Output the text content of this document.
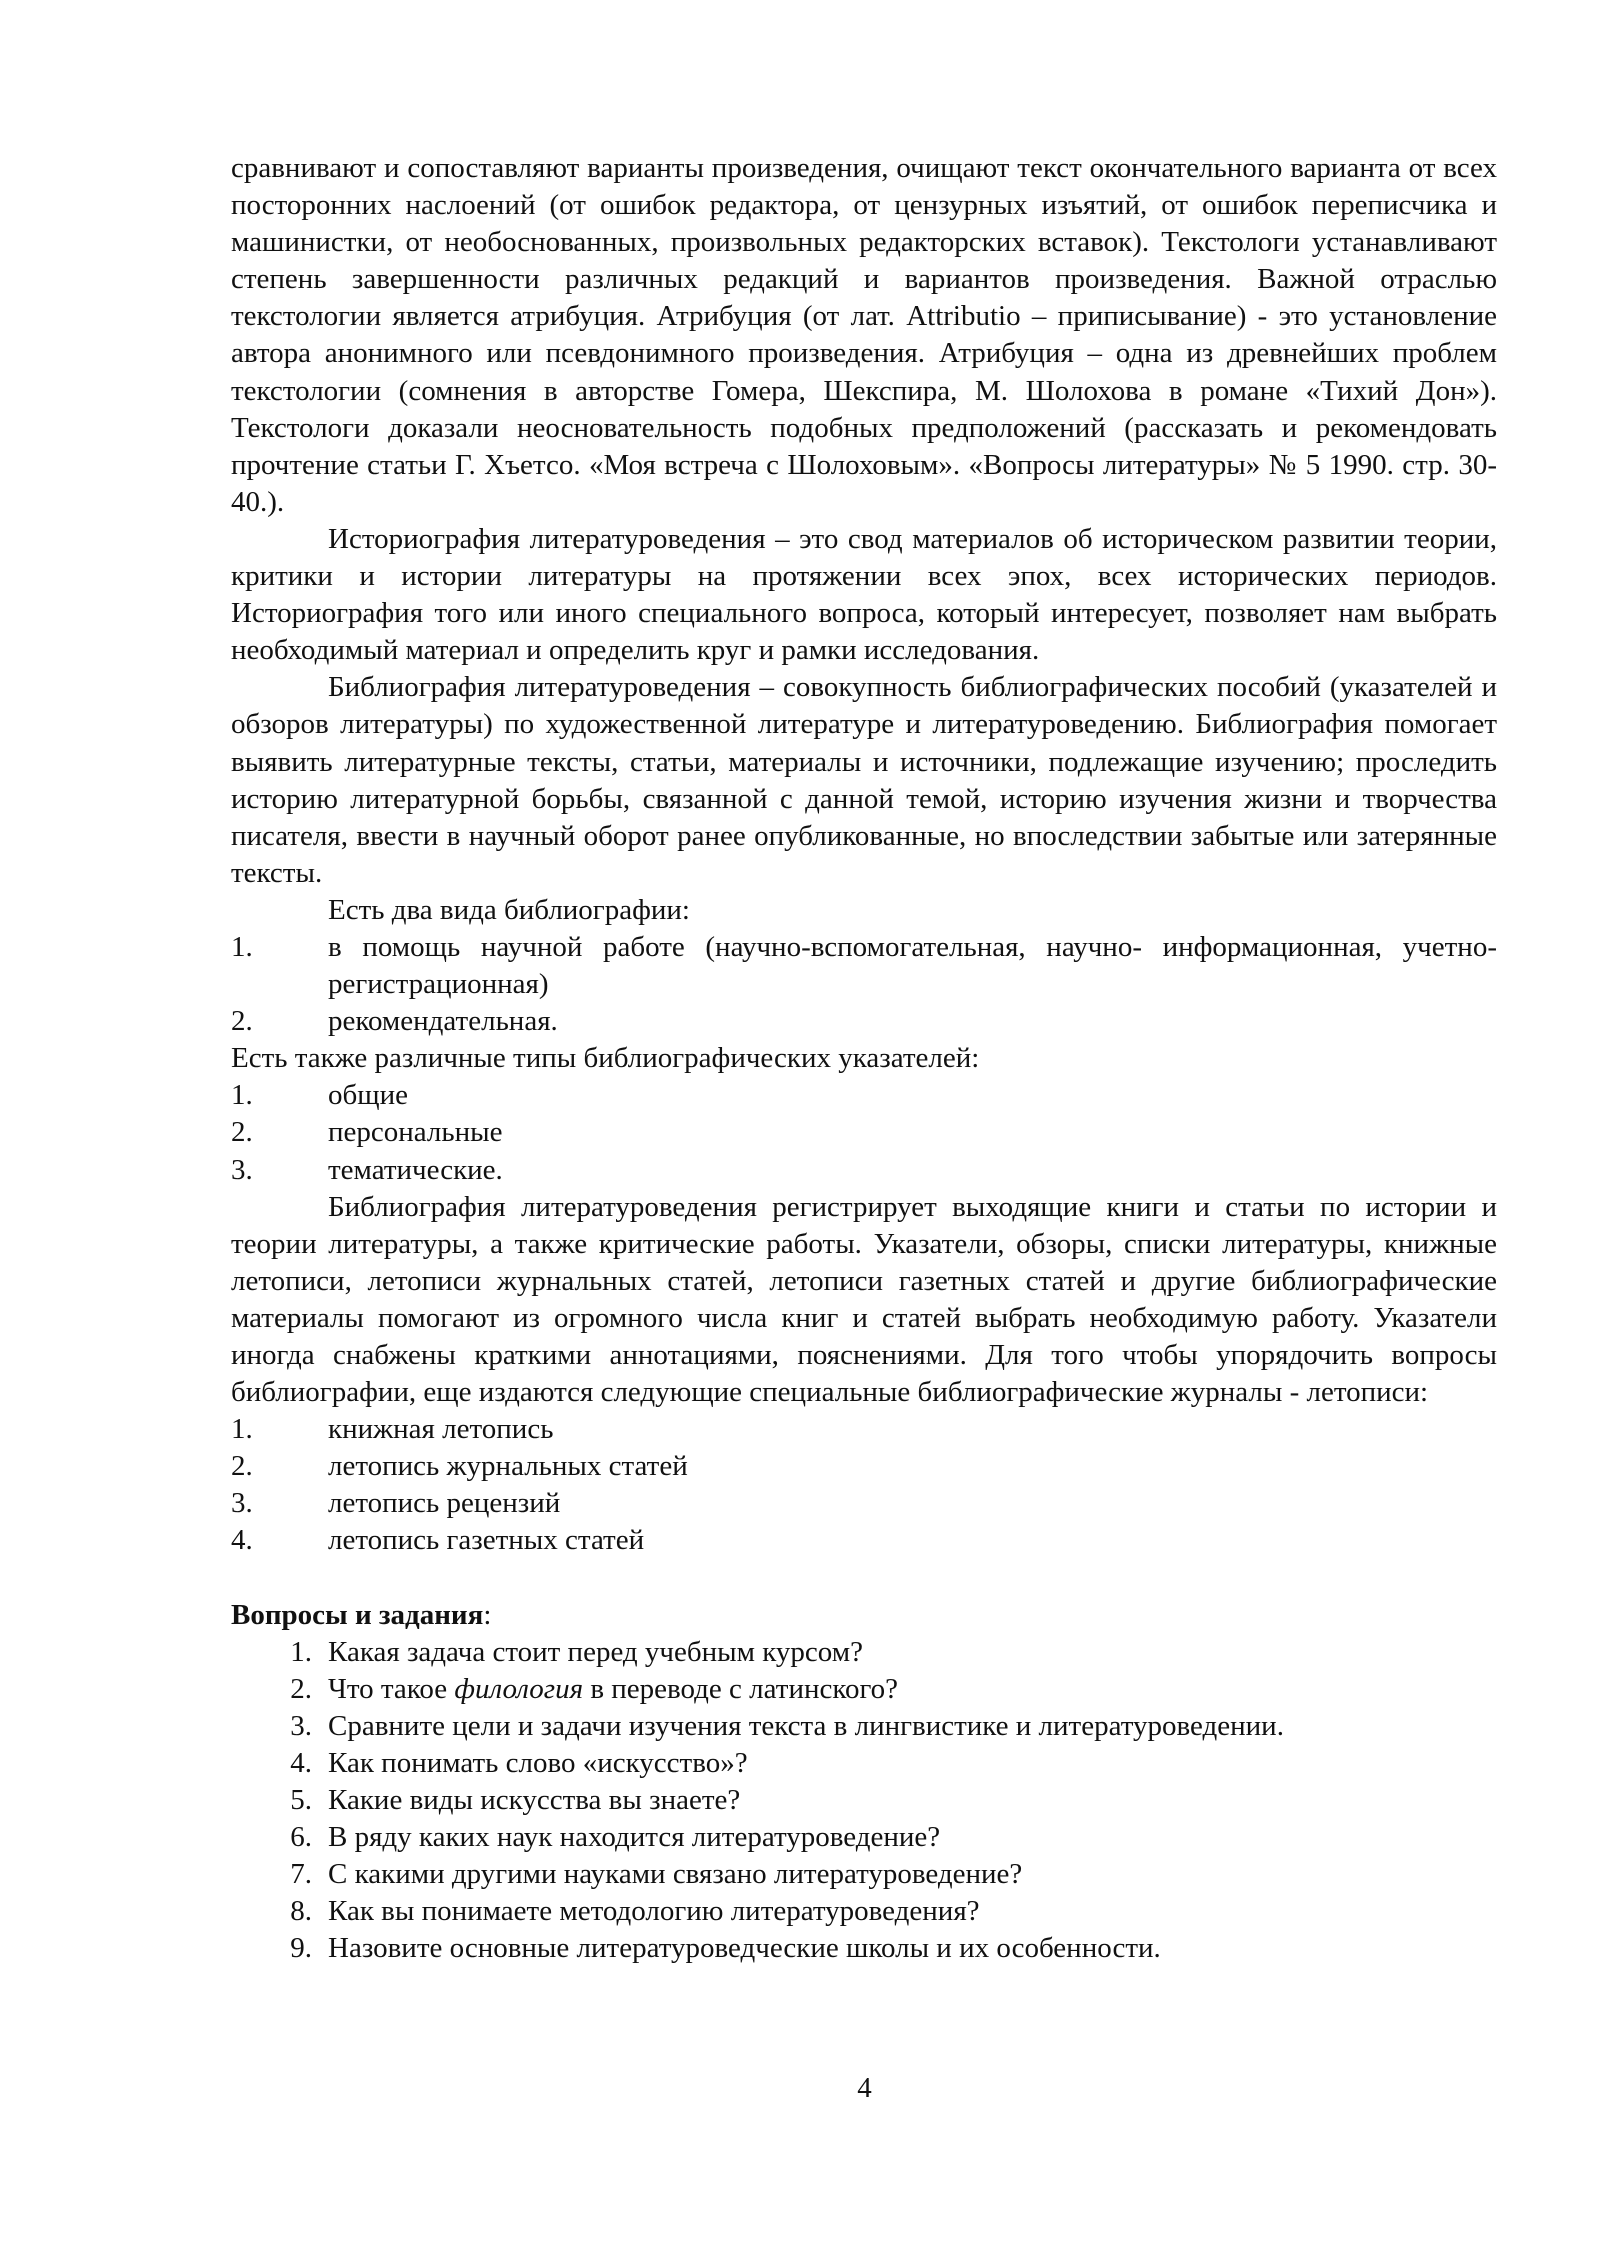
сравнивают и сопоставляют варианты произведения, очищают текст окончательного варианта от всех посторонних наслоений (от ошибок редактора, от цензурных изъятий, от ошибок переписчика и машинистки, от необоснованных, произвольных редакторских вставок). Текстологи устанавливают степень завершенности различных редакций и вариантов произведения. Важной отраслью текстологии является атрибуция. Атрибуция (от лат. Attributio – приписывание) - это установление автора анонимного или псевдонимного произведения. Атрибуция – одна из древнейших проблем текстологии (сомнения в авторстве Гомера, Шекспира, М. Шолохова в романе «Тихий Дон»). Текстологи доказали неосновательность подобных предположений (рассказать и рекомендовать прочтение статьи Г. Хъетсо. «Моя встреча с Шолоховым». «Вопросы литературы» № 5 1990. стр. 30-40.).

Историография литературоведения – это свод материалов об историческом развитии теории, критики и истории литературы на протяжении всех эпох, всех исторических периодов. Историография того или иного специального вопроса, который интересует, позволяет нам выбрать необходимый материал и определить круг и рамки исследования.

Библиография литературоведения – совокупность библиографических пособий (указателей и обзоров литературы) по художественной литературе и литературоведению. Библиография помогает выявить литературные тексты, статьи, материалы и источники, подлежащие изучению; проследить историю литературной борьбы, связанной с данной темой, историю изучения жизни и творчества писателя, ввести в научный оборот ранее опубликованные, но впоследствии забытые или затерянные тексты.

Есть два вида библиографии:

1.	в помощь научной работе (научно-вспомогательная, научно- информационная, учетно-регистрационная)
2.	рекомендательная.

Есть также различные типы библиографических указателей:

1.	общие
2.	персональные
3.	тематические.

Библиография литературоведения регистрирует выходящие книги и статьи по истории и теории литературы, а также критические работы. Указатели, обзоры, списки литературы, книжные летописи, летописи журнальных статей, летописи газетных статей и другие библиографические материалы помогают из огромного числа книг и статей выбрать необходимую работу. Указатели иногда снабжены краткими аннотациями, пояснениями. Для того чтобы упорядочить вопросы библиографии, еще издаются следующие специальные библиографические журналы - летописи:

1.	книжная летопись
2.	летопись журнальных статей
3.	летопись рецензий
4.	летопись газетных статей

Вопросы и задания:

1. Какая задача стоит перед учебным курсом?
2. Что такое филология в переводе с латинского?
3. Сравните цели и задачи изучения текста в лингвистике и литературоведении.
4. Как понимать слово «искусство»?
5. Какие виды искусства вы знаете?
6. В ряду каких наук находится литературоведение?
7. С какими другими науками связано литературоведение?
8. Как вы понимаете методологию литературоведения?
9. Назовите основные литературоведческие школы и их особенности.
4
